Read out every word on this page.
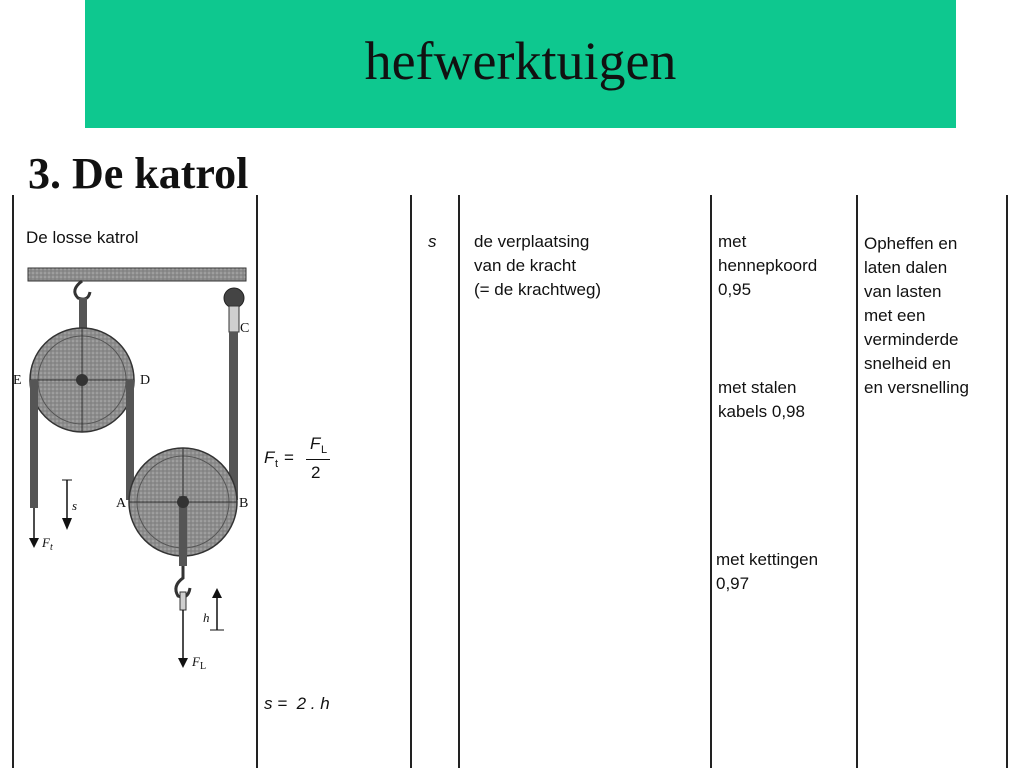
hefwerktuigen
3. De katrol
De losse katrol
C
E	D
A	B
s
h
$F_t$
$F_L$
F t =
F L
2
s =  2 . h
s de verplaatsing
van de kracht
(= de krachtweg)
met
hennepkoord
0,95
met stalen
kabels 0,98
met kettingen
0,97
Opheffen en
laten dalen
van lasten
met een
verminderde
snelheid en
en versnelling
